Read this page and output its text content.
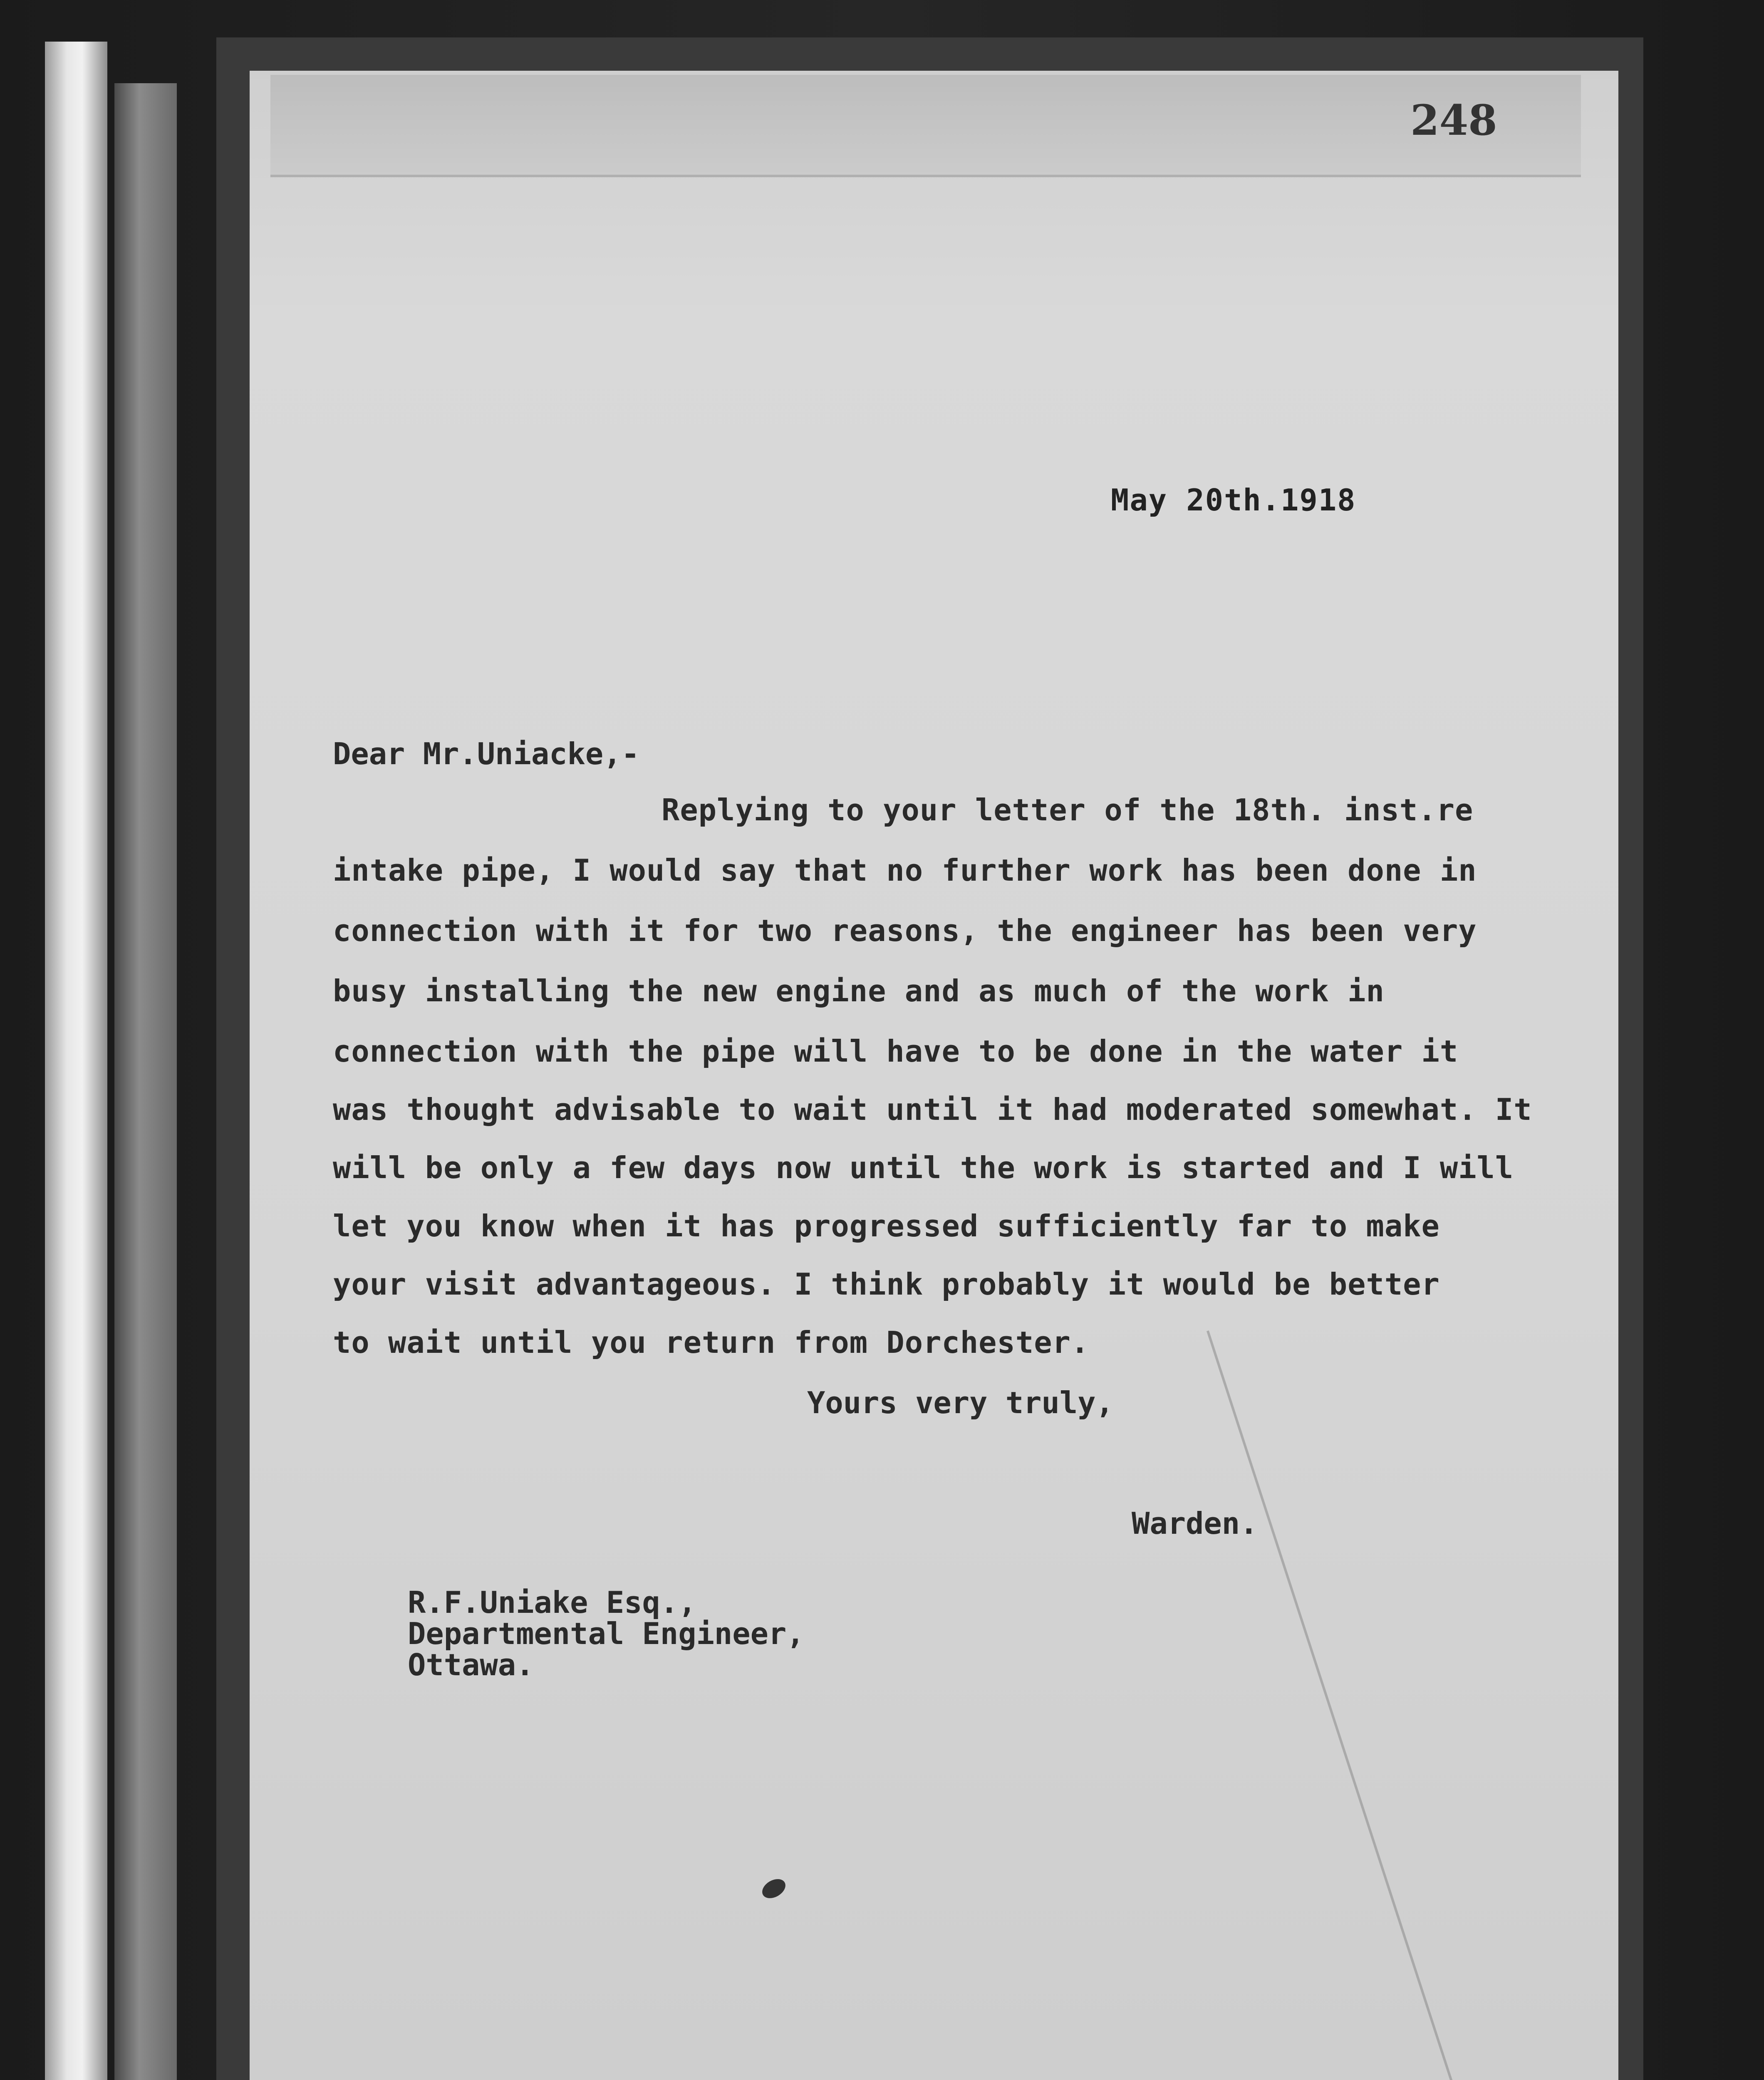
248
May 20th.1918
Dear Mr.Uniacke,-
Replying to your letter of the 18th. inst.re
intake pipe, I would say that no further work has been done in
connection with it for two reasons, the engineer has been very
busy installing the new engine and as much of the work in
connection with the pipe will have to be done in the water it
was thought advisable to wait until it had moderated somewhat. It
will be only a few days now until the work is started and I will
let you know when it has progressed sufficiently far to make
your visit advantageous. I think probably it would be better
to wait until you return from Dorchester.
Yours very truly,
Warden.
R.F.Uniake Esq.,
Departmental Engineer,
Ottawa.
